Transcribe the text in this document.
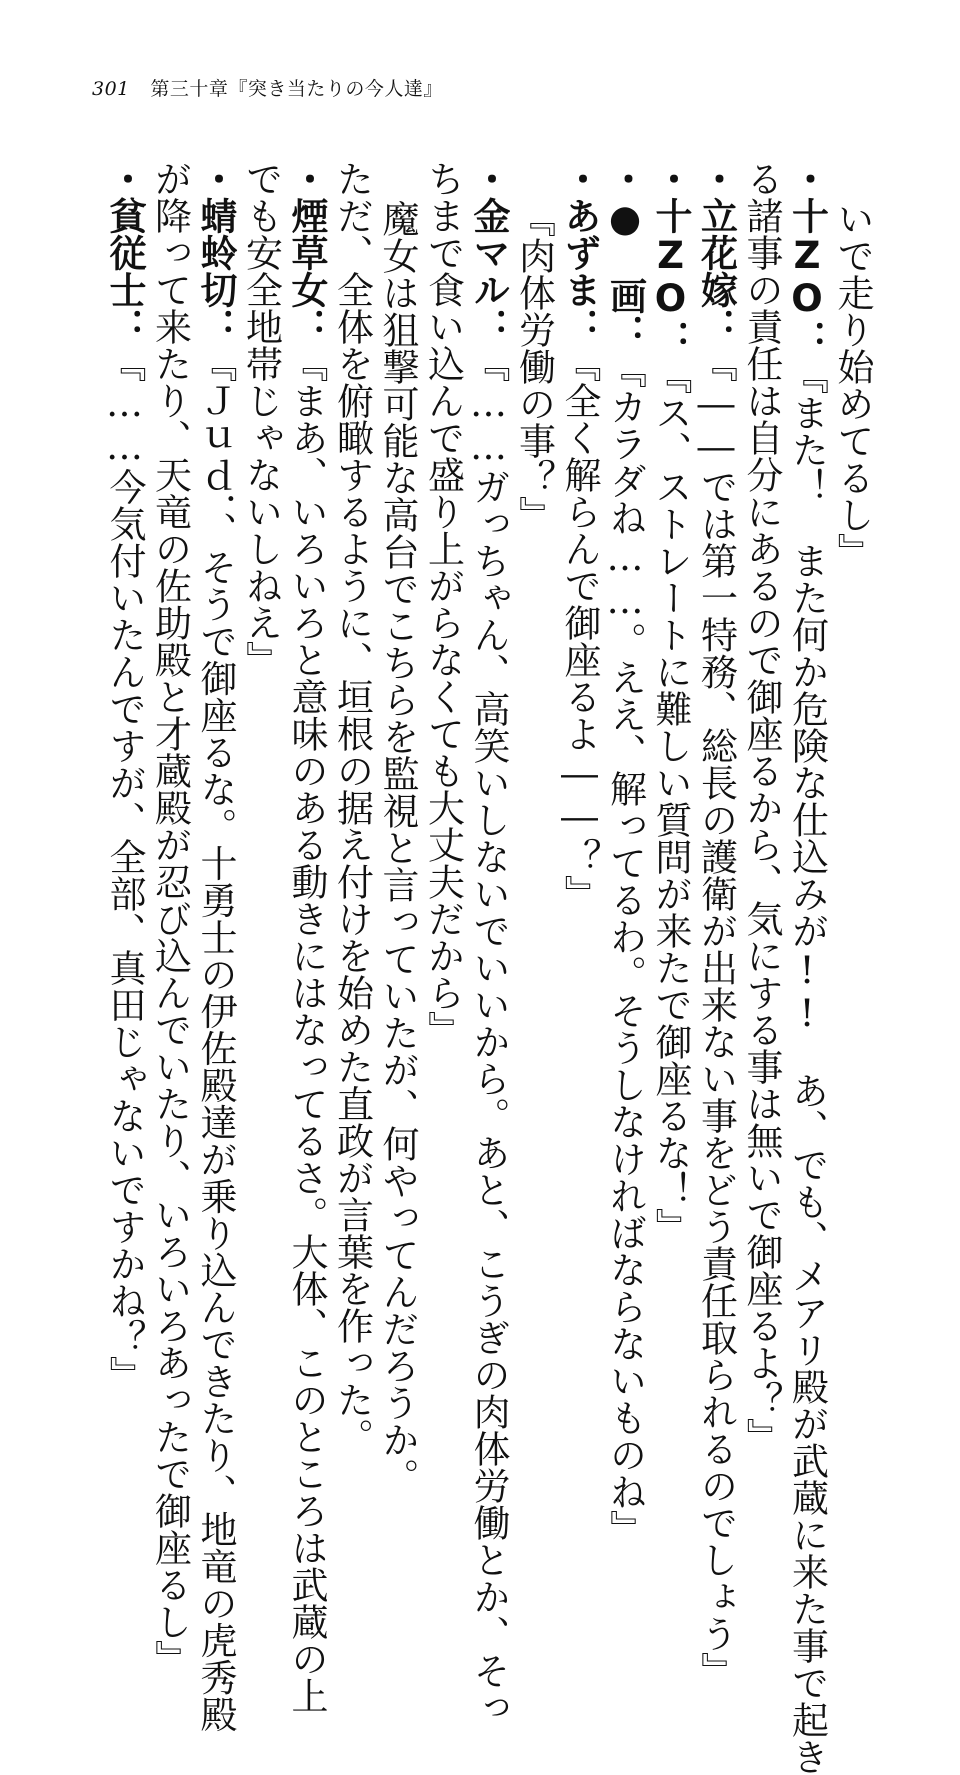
301 第三十章『突き当たりの今人達』
いで走り始めてるし』
・十ZO：『また！　また何か危険な仕込みが!!　あ、でも、メアリ殿が武蔵に来た事で起き
る諸事の責任は自分にあるので御座るから、気にする事は無いで御座るよ？』
・立花嫁：『――では第一特務、総長の護衛が出来ない事をどう責任取られるのでしょう』
・十ZO：『ス、ストレートに難しい質問が来たで御座るな！』
・●　画：『カラダね……。ええ、解ってるわ。そうしなければならないものね』
・あずま：『全く解らんで御座るよ――？』
『肉体労働の事？』
・金マル：『……ガっちゃん、高笑いしないでいいから。あと、こうぎの肉体労働とか、そっ
ちまで食い込んで盛り上がらなくても大丈夫だから』
魔女は狙撃可能な高台でこちらを監視と言っていたが、何やってんだろうか。
ただ、全体を俯瞰するように、垣根の据え付けを始めた直政が言葉を作った。
・煙草女：『まあ、いろいろと意味のある動きにはなってるさ。大体、このところは武蔵の上
でも安全地帯じゃないしねえ』
・蜻蛉切：『Ｊｕｄ．、そうで御座るな。十勇士の伊佐殿達が乗り込んできたり、地竜の虎秀殿
が降って来たり、天竜の佐助殿と才蔵殿が忍び込んでいたり、いろいろあったで御座るし』
・貧従士：『……今気付いたんですが、全部、真田じゃないですかね？』
